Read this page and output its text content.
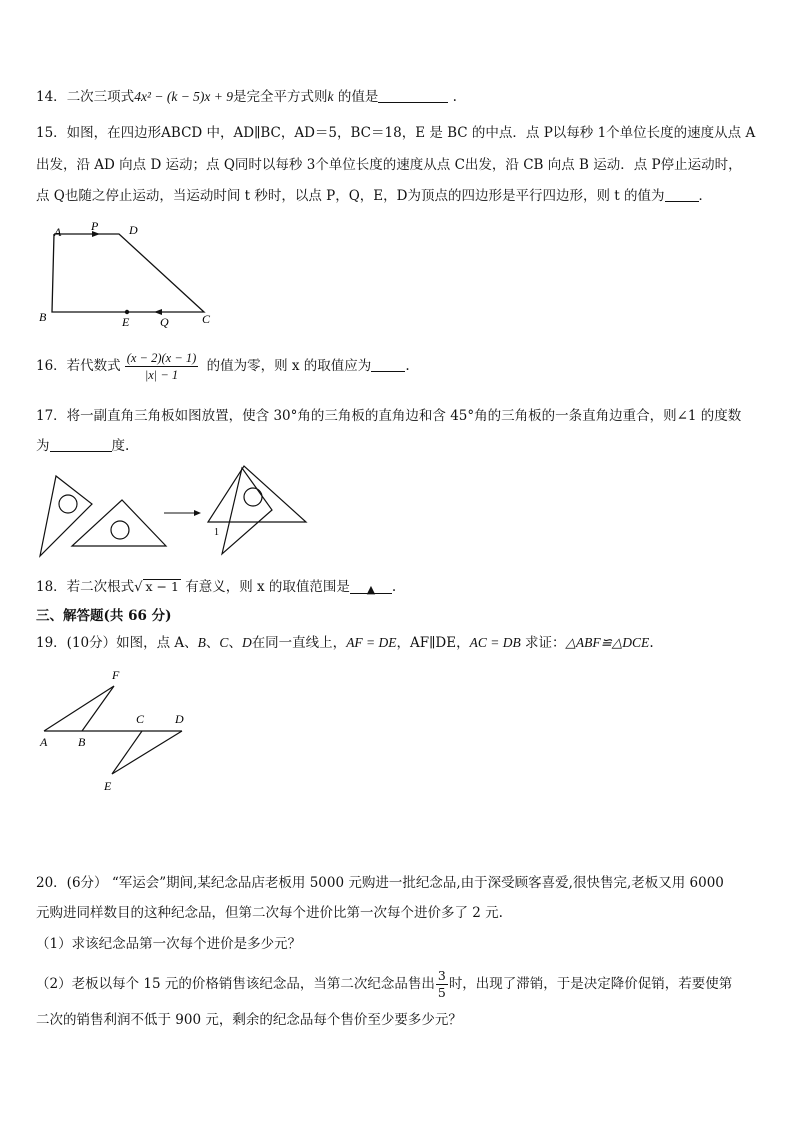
14．二次三项式4x² − (k − 5)x + 9是完全平方式则k 的值是	.
15．如图，在四边形ABCD 中，AD∥BC，AD＝5，BC＝18，E 是 BC 的中点．点 P以每秒 1个单位长度的速度从点 A
出发，沿 AD 向点 D 运动；点 Q同时以每秒 3个单位长度的速度从点 C出发，沿 CB 向点 B 运动．点 P停止运动时，
点 Q也随之停止运动，当运动时间 t 秒时，以点 P，Q，E，D为顶点的四边形是平行四边形，则 t 的值为	．
A P	D
B	E	Q	C
16．若代数式 $\frac{(x - 2)(x - 1)}{|x| - 1}$ 的值为零，则 x 的取值应为	.
17．将一副直角三角板如图放置，使含 30°角的三角板的直角边和含 45°角的三角板的一条直角边重合，则∠1 的度数
为	度.
1
18．若二次根式√ x − 1 有意义，则 x 的取值范围是 ▲ .
三、解答题(共 66 分)
19．(10分）如图，点 A、B、C、D在同一直线上，AF = DE，AF∥DE，AC = DB 求证：△ABF≌△DCE.
F
C	D
A	B
E
20．(6分） “军运会”期间,某纪念品店老板用 5000 元购进一批纪念品,由于深受顾客喜爱,很快售完,老板又用 6000
元购进同样数目的这种纪念品，但第二次每个进价比第一次每个进价多了 2 元.
（1）求该纪念品第一次每个进价是多少元？
（2）老板以每个 15 元的价格销售该纪念品，当第二次纪念品售出 $\frac{3}{5}$ 时，出现了滞销，于是决定降价促销，若要使第
二次的销售利润不低于 900 元，剩余的纪念品每个售价至少要多少元？
